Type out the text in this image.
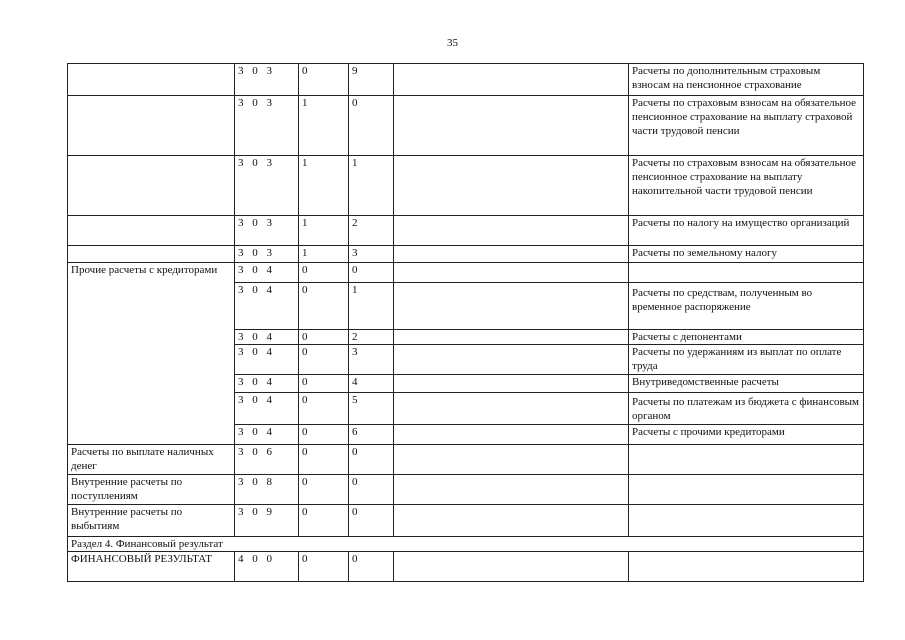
35
	3 0 3	0	9		Расчеты по дополнительным страховым взносам на пенсионное страхование
	3 0 3	1	0		Расчеты по страховым взносам на обязательное пенсионное страхование на выплату страховой части трудовой пенсии
	3 0 3	1	1		Расчеты по страховым взносам на обязательное пенсионное страхование на выплату накопительной части трудовой пенсии
	3 0 3	1	2		Расчеты по налогу на имущество организаций
	3 0 3	1	3		Расчеты по земельному налогу
Прочие расчеты с кредиторами	3 0 4	0	0		
	3 0 4	0	1		Расчеты по средствам, полученным во временное распоряжение
	3 0 4	0	2		Расчеты с депонентами
	3 0 4	0	3		Расчеты по удержаниям из выплат по оплате труда
	3 0 4	0	4		Внутриведомственные расчеты
	3 0 4	0	5		Расчеты по платежам из бюджета с финансовым органом
	3 0 4	0	6		Расчеты с прочими кредиторами
Расчеты по выплате наличных денег	3 0 6	0	0		
Внутренние расчеты по поступлениям	3 0 8	0	0		
Внутренние расчеты по выбытиям	3 0 9	0	0		
Раздел 4. Финансовый результат					
ФИНАНСОВЫЙ РЕЗУЛЬТАТ	4 0 0	0	0		
